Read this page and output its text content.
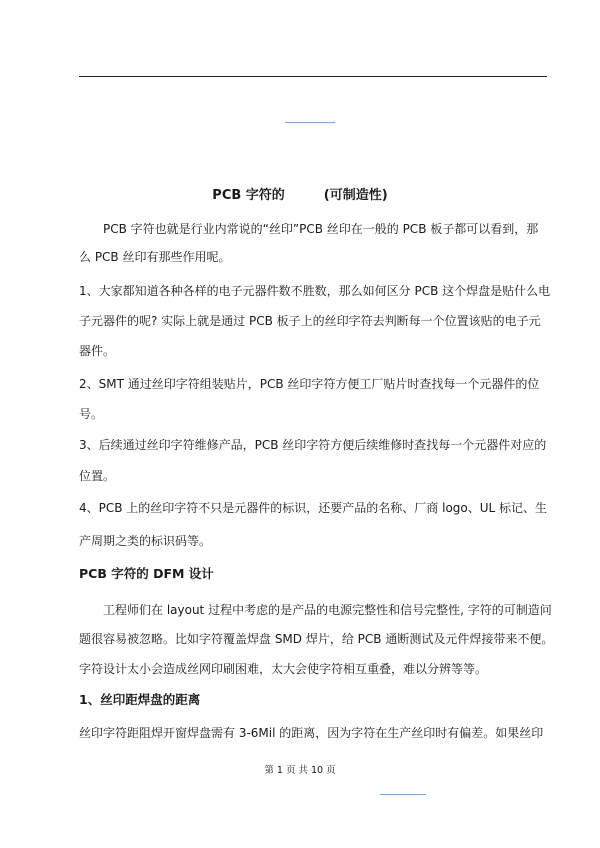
PCB 字符的　　　(可制造性)
PCB 字符也就是行业内常说的“丝印”PCB 丝印在一般的 PCB 板子都可以看到，那
么 PCB 丝印有那些作用呢。
1、大家都知道各种各样的电子元器件数不胜数，那么如何区分 PCB 这个焊盘是贴什么电
子元器件的呢? 实际上就是通过 PCB 板子上的丝印字符去判断每一个位置该贴的电子元
器件。
2、SMT 通过丝印字符组装贴片，PCB 丝印字符方便工厂贴片时查找每一个元器件的位
号。
3、后续通过丝印字符维修产品，PCB 丝印字符方便后续维修时查找每一个元器件对应的
位置。
4、PCB 上的丝印字符不只是元器件的标识，还要产品的名称、厂商 logo、UL 标记、生
产周期之类的标识码等。
PCB 字符的 DFM 设计
工程师们在 layout 过程中考虑的是产品的电源完整性和信号完整性, 字符的可制造问
题很容易被忽略。比如字符覆盖焊盘 SMD 焊片，给 PCB 通断测试及元件焊接带来不便。
字符设计太小会造成丝网印刷困难，太大会使字符相互重叠，难以分辨等等。
1、丝印距焊盘的距离
丝印字符距阻焊开窗焊盘需有 3-6Mil 的距离，因为字符在生产丝印时有偏差。如果丝印
第 1 页 共 10 页
